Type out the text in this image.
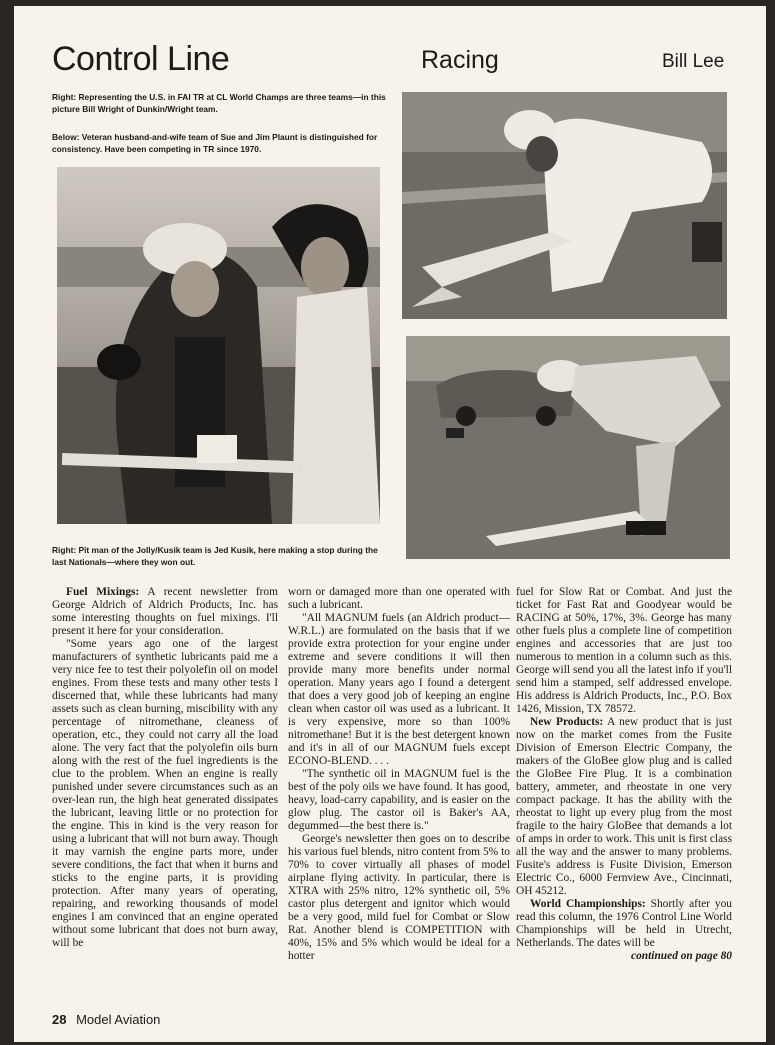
Control Line	Racing	Bill Lee
Right: Representing the U.S. in FAI TR at CL World Champs are three teams—in this picture Bill Wright of Dunkin/Wright team.
Below: Veteran husband-and-wife team of Sue and Jim Plaunt is distinguished for consistency. Have been competing in TR since 1970.
Right: Pit man of the Jolly/Kusik team is Jed Kusik, here making a stop during the last Nationals—where they won out.

Fuel Mixings: A recent newsletter from George Aldrich of Aldrich Products, Inc. has some interesting thoughts on fuel mixings. I'll present it here for your consideration.

"Some years ago one of the largest manufacturers of synthetic lubricants paid me a very nice fee to test their polyolefin oil on model engines. From these tests and many other tests I discerned that, while these lubricants had many assets such as clean burning, miscibility with any percentage of nitromethane, cleaness of operation, etc., they could not carry all the load alone. The very fact that the polyolefin oils burn along with the rest of the fuel ingredients is the clue to the problem. When an engine is really punished under severe circumstances such as an over-lean run, the high heat generated dissipates the lubricant, leaving little or no protection for the engine. This in kind is the very reason for using a lubricant that will not burn away. Though it may varnish the engine parts more, under severe conditions, the fact that when it burns and sticks to the engine parts, it is providing protection. After many years of operating, repairing, and reworking thousands of model engines I am convinced that an engine operated without some lubricant that does not burn away, will be

worn or damaged more than one operated with such a lubricant.

"All MAGNUM fuels (an Aldrich product—W.R.L.) are formulated on the basis that if we provide extra protection for your engine under extreme and severe conditions it will then provide many more benefits under normal operation. Many years ago I found a detergent that does a very good job of keeping an engine clean when castor oil was used as a lubricant. It is very expensive, more so than 100% nitromethane! But it is the best detergent known and it's in all of our MAGNUM fuels except ECONO-BLEND. . . .

"The synthetic oil in MAGNUM fuel is the best of the poly oils we have found. It has good, heavy, load-carry capability, and is easier on the glow plug. The castor oil is Baker's AA, degummed—the best there is."

George's newsletter then goes on to describe his various fuel blends, nitro content from 5% to 70% to cover virtually all phases of model airplane flying activity. In particular, there is XTRA with 25% nitro, 12% synthetic oil, 5% castor plus detergent and ignitor which would be a very good, mild fuel for Combat or Slow Rat. Another blend is COMPETITION with 40%, 15% and 5% which would be ideal for a hotter

fuel for Slow Rat or Combat. And just the ticket for Fast Rat and Goodyear would be RACING at 50%, 17%, 3%. George has many other fuels plus a complete line of competition engines and accessories that are just too numerous to mention in a column such as this. George will send you all the latest info if you'll send him a stamped, self addressed envelope. His address is Aldrich Products, Inc., P.O. Box 1426, Mission, TX 78572.

New Products: A new product that is just now on the market comes from the Fusite Division of Emerson Electric Company, the makers of the GloBee glow plug and is called the GloBee Fire Plug. It is a combination battery, ammeter, and rheostate in one very compact package. It has the ability with the rheostat to light up every plug from the most fragile to the hairy GloBee that demands a lot of amps in order to work. This unit is first class all the way and the answer to many problems. Fusite's address is Fusite Division, Emerson Electric Co., 6000 Fernview Ave., Cincinnati, OH 45212.

World Championships: Shortly after you read this column, the 1976 Control Line World Championships will be held in Utrecht, Netherlands. The dates will be

continued on page 80
28 Model Aviation
